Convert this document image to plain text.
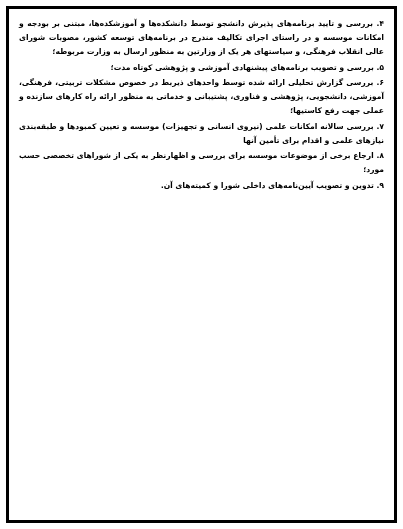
۴. بررسی و تایید برنامه‌های پذیرش دانشجو توسط دانشکده‌ها و آموزشکده‌ها، مبتنی بر بودجه و امکانات موسسه و در راستای اجرای تکالیف مندرج در برنامه‌های توسعه کشور، مصوبات شورای عالی انقلاب فرهنگی، و سیاستهای هر یک از وزارتین به منظور ارسال به وزارت مربوطه؛

۵. بررسی و تصویب برنامه‌های پیشنهادی آموزشی و پژوهشی کوتاه مدت؛

۶. بررسی گزارش تحلیلی ارائه شده توسط واحدهای ذیربط در خصوص مشکلات تربیتی، فرهنگی، آموزشی، دانشجویی، پژوهشی و فناوری، پشتیبانی و خدماتی به منظور ارائه راه کارهای سازنده و عملی جهت رفع کاستیها؛

۷. بررسی سالانه امکانات علمی (نیروی انسانی و تجهیزات) موسسه و تعیین کمبودها و طبقه‌بندی نیازهای علمی و اقدام برای تأمین آنها

۸. ارجاع برخی از موضوعات موسسه برای بررسی و اظهارنظر به یکی از شوراهای تخصصی حسب مورد؛

۹. تدوین و تصویب آیین‌نامه‌های داخلی شورا و کمیته‌های آن.
